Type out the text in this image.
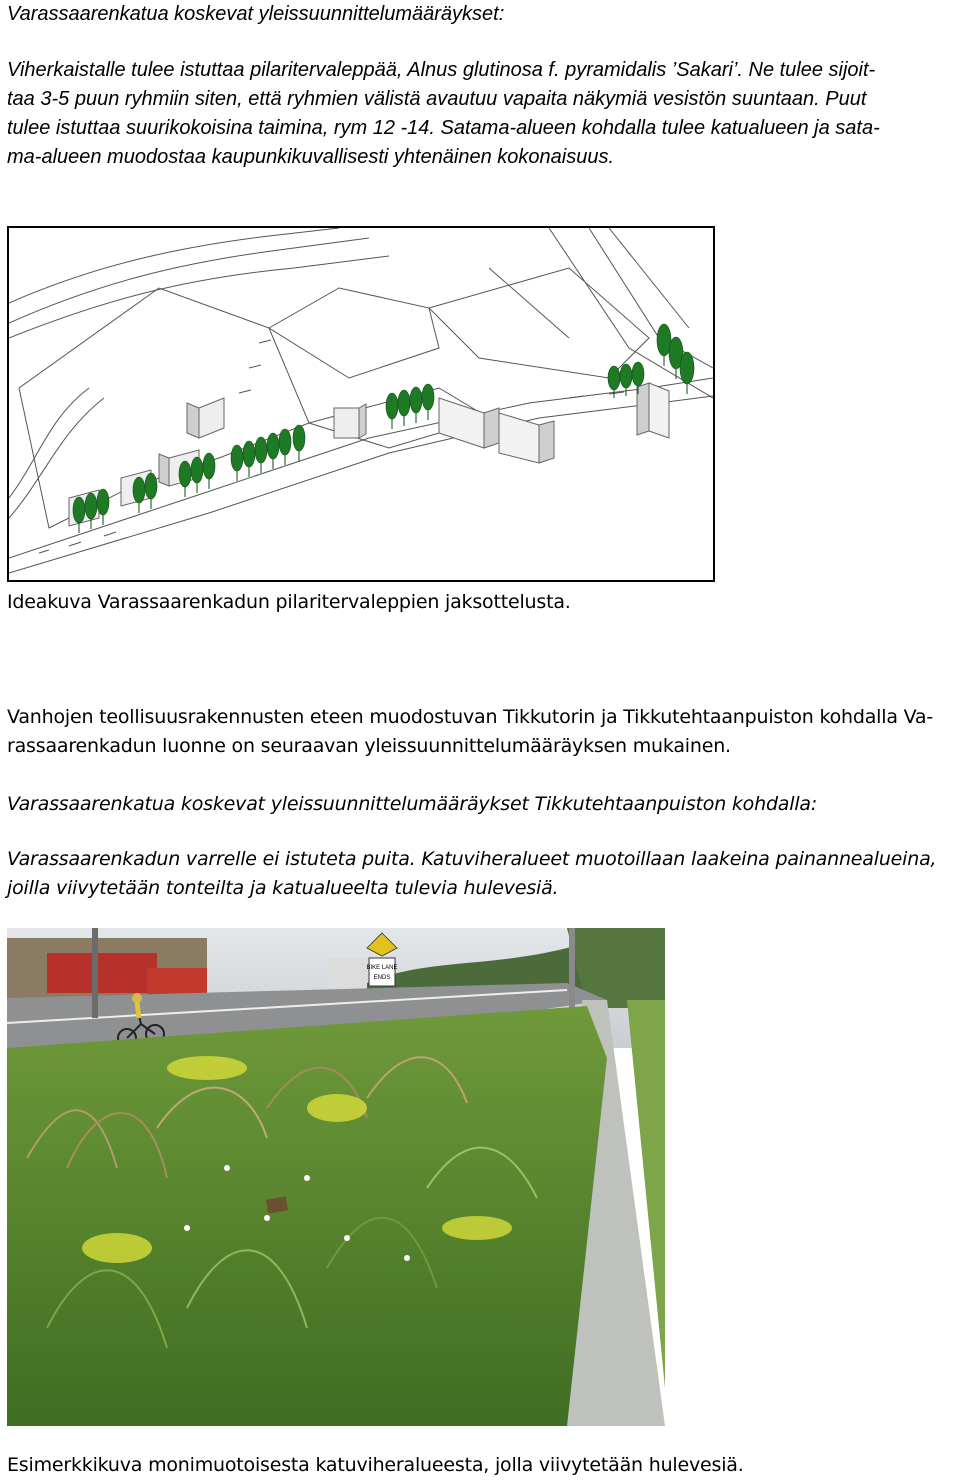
Varassaarenkatua koskevat yleissuunnittelumääräykset:

Viherkaistalle tulee istuttaa pilaritervaleppää, Alnus glutinosa f. pyramidalis ’Sakari’. Ne tulee sijoit-

taa 3-5 puun ryhmiin siten, että ryhmien välistä avautuu vapaita näkymiä vesistön suuntaan. Puut

tulee istuttaa suurikokoisina taimina, rym 12 -14. Satama-alueen kohdalla tulee katualueen ja sata-

ma-alueen muodostaa kaupunkikuvallisesti yhtenäinen kokonaisuus.

Ideakuva Varassaarenkadun pilaritervaleppien jaksottelusta.

Vanhojen teollisuusrakennusten eteen muodostuvan Tikkutorin ja Tikkutehtaanpuiston kohdalla Va-

rassaarenkadun luonne on seuraavan yleissuunnittelumääräyksen mukainen.

Varassaarenkatua koskevat yleissuunnittelumääräykset Tikkutehtaanpuiston kohdalla:

Varassaarenkadun varrelle ei istuteta puita. Katuviheralueet muotoillaan laakeina painannealueina,

joilla viivytetään tonteilta ja katualueelta tulevia hulevesiä.

BIKE LANE
ENDS

Esimerkkikuva monimuotoisesta katuviheralueesta, jolla viivytetään hulevesiä.
